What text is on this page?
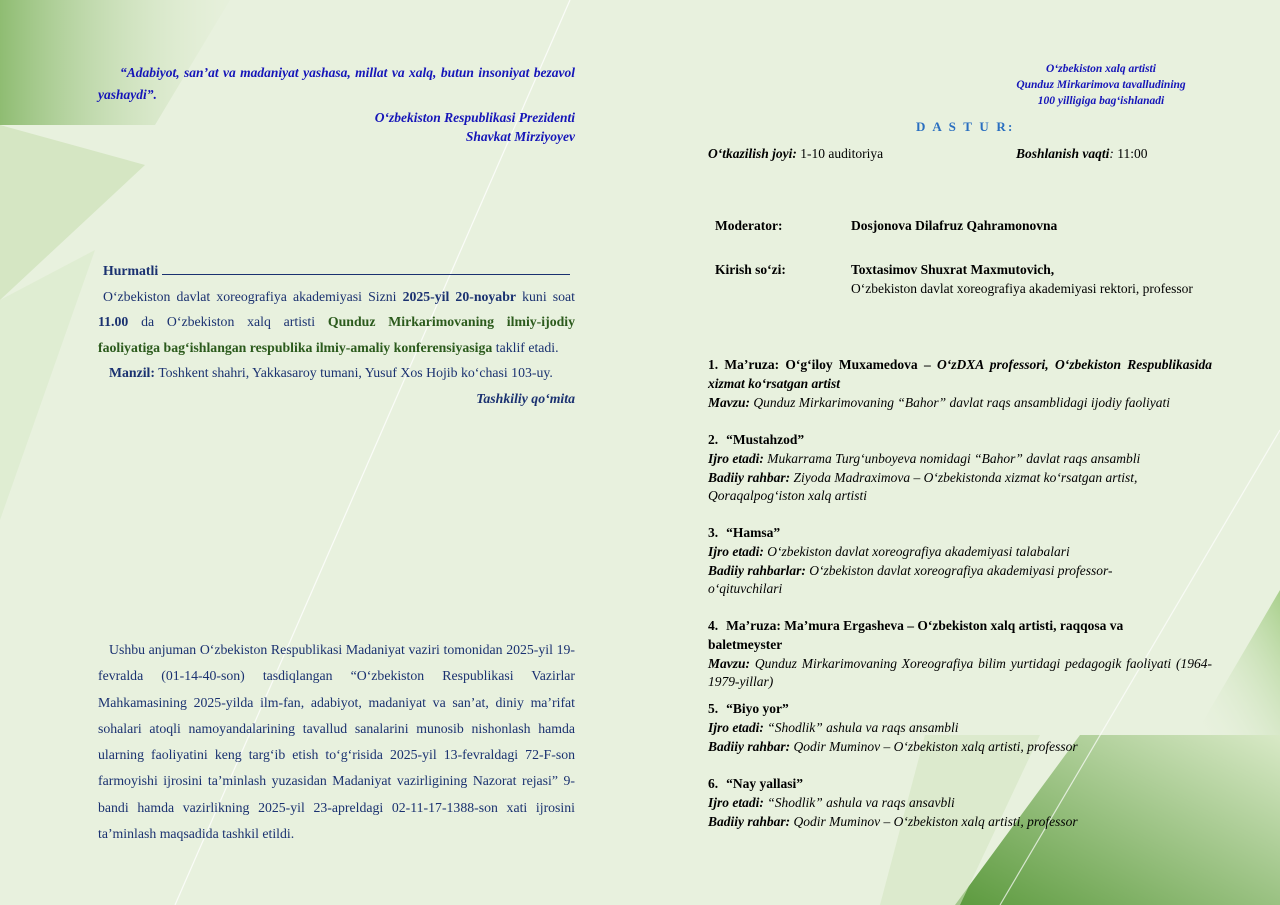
“Adabiyot, san’at va madaniyat yashasa, millat va xalq, butun insoniyat bezavol yashaydi”.

O‘zbekiston Respublikasi Prezidenti
Shavkat Mirziyoyev

Hurmatli

O‘zbekiston davlat xoreografiya akademiyasi Sizni 2025-yil 20-noyabr kuni soat 11.00 da O‘zbekiston xalq artisti Qunduz Mirkarimovaning ilmiy-ijodiy faoliyatiga bag‘ishlangan respublika ilmiy-amaliy konferensiyasiga taklif etadi.

Manzil: Toshkent shahri, Yakkasaroy tumani, Yusuf Xos Hojib ko‘chasi 103-uy.

Tashkiliy qo‘mita

Ushbu anjuman O‘zbekiston Respublikasi Madaniyat vaziri tomonidan 2025-yil 19-fevralda (01-14-40-son) tasdiqlangan “O‘zbekiston Respublikasi Vazirlar Mahkamasining 2025-yilda ilm-fan, adabiyot, madaniyat va san’at, diniy ma’rifat sohalari atoqli namoyandalarining tavallud sanalarini munosib nishonlash hamda ularning faoliyatini keng targ‘ib etish to‘g‘risida 2025-yil 13-fevraldagi 72-F-son farmoyishi ijrosini ta’minlash yuzasidan Madaniyat vazirligining Nazorat rejasi” 9-bandi hamda vazirlikning 2025-yil 23-apreldagi 02-11-17-1388-son xati ijrosini ta’minlash maqsadida tashkil etildi.

O‘zbekiston xalq artisti
Qunduz Mirkarimova tavalludining
100 yilligiga bag‘ishlanadi
D A S T U R:
O‘tkazilish joyi: 1-10 auditoriya	Boshlanish vaqti: 11:00
Moderator:	Dosjonova Dilafruz Qahramonovna
Kirish so‘zi:	Toxtasimov Shuxrat Maxmutovich,
O‘zbekiston davlat xoreografiya akademiyasi rektori, professor
1. Ma’ruza: O‘g‘iloy Muxamedova – O‘zDXA professori, O‘zbekiston Respublikasida xizmat ko‘rsatgan artist
Mavzu: Qunduz Mirkarimovaning “Bahor” davlat raqs ansamblidagi ijodiy faoliyati
2. “Mustahzod”
Ijro etadi: Mukarrama Turg‘unboyeva nomidagi “Bahor” davlat raqs ansambli
Badiiy rahbar: Ziyoda Madraximova – O‘zbekistonda xizmat ko‘rsatgan artist, Qoraqalpog‘iston xalq artisti
3. “Hamsa”
Ijro etadi: O‘zbekiston davlat xoreografiya akademiyasi talabalari
Badiiy rahbarlar: O‘zbekiston davlat xoreografiya akademiyasi professor-o‘qituvchilari
4. Ma’ruza: Ma’mura Ergasheva – O‘zbekiston xalq artisti, raqqosa va baletmeyster
Mavzu: Qunduz Mirkarimovaning Xoreografiya bilim yurtidagi pedagogik faoliyati (1964-1979-yillar)
5. “Biyo yor”
Ijro etadi: “Shodlik” ashula va raqs ansambli
Badiiy rahbar: Qodir Muminov – O‘zbekiston xalq artisti, professor
6. “Nay yallasi”
Ijro etadi: “Shodlik” ashula va raqs ansavbli
Badiiy rahbar: Qodir Muminov – O‘zbekiston xalq artisti, professor
